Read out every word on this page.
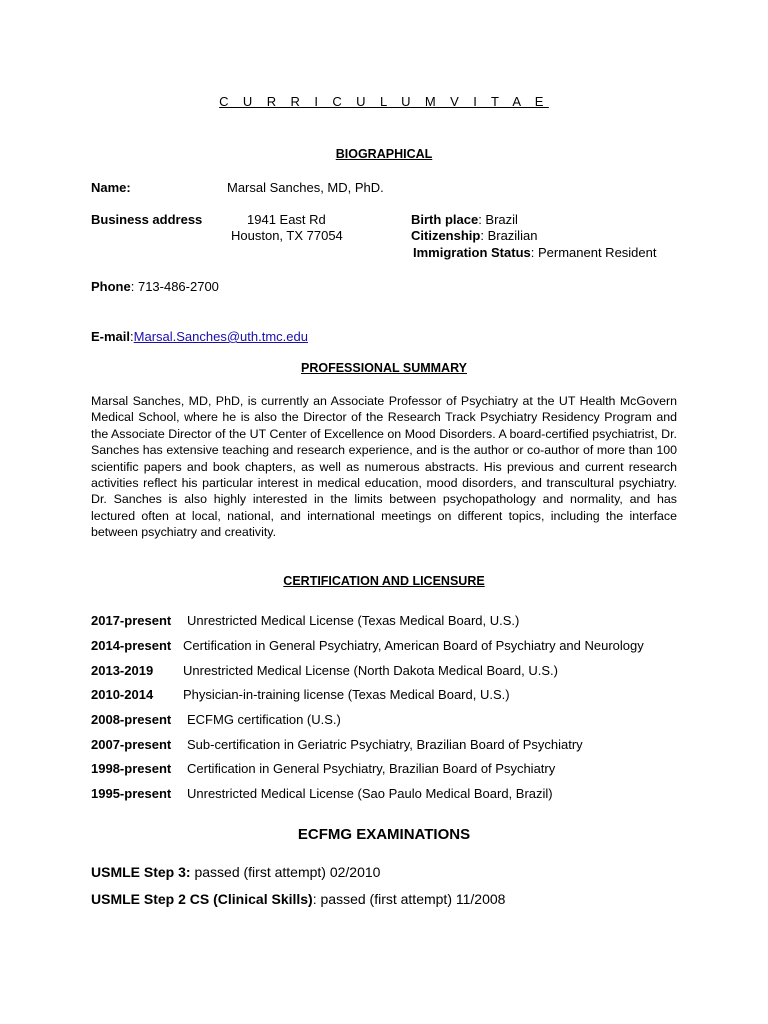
C U R R I C U L U M V I T A E
BIOGRAPHICAL
Name:	Marsal Sanches, MD, PhD.
Business address	1941 East Rd
Houston, TX 77054
Birth place: Brazil
Citizenship: Brazilian
Immigration Status: Permanent Resident
Phone: 713-486-2700
E-mail:Marsal.Sanches@uth.tmc.edu
PROFESSIONAL SUMMARY
Marsal Sanches, MD, PhD, is currently an Associate Professor of Psychiatry at the UT Health McGovern Medical School, where he is also the Director of the Research Track Psychiatry Residency Program and the Associate Director of the UT Center of Excellence on Mood Disorders. A board-certified psychiatrist, Dr. Sanches has extensive teaching and research experience, and is the author or co-author of more than 100 scientific papers and book chapters, as well as numerous abstracts. His previous and current research activities reflect his particular interest in medical education, mood disorders, and transcultural psychiatry. Dr. Sanches is also highly interested in the limits between psychopathology and normality, and has lectured often at local, national, and international meetings on different topics, including the interface between psychiatry and creativity.
CERTIFICATION AND LICENSURE
2017-present Unrestricted Medical License (Texas Medical Board, U.S.)
2014-present Certification in General Psychiatry, American Board of Psychiatry and Neurology
2013-2019 Unrestricted Medical License (North Dakota Medical Board, U.S.)
2010-2014 Physician-in-training license (Texas Medical Board, U.S.)
2008-present ECFMG certification (U.S.)
2007-present Sub-certification in Geriatric Psychiatry, Brazilian Board of Psychiatry
1998-present Certification in General Psychiatry, Brazilian Board of Psychiatry
1995-present Unrestricted Medical License (Sao Paulo Medical Board, Brazil)
ECFMG EXAMINATIONS
USMLE Step 3: passed (first attempt) 02/2010
USMLE Step 2 CS (Clinical Skills): passed (first attempt) 11/2008
